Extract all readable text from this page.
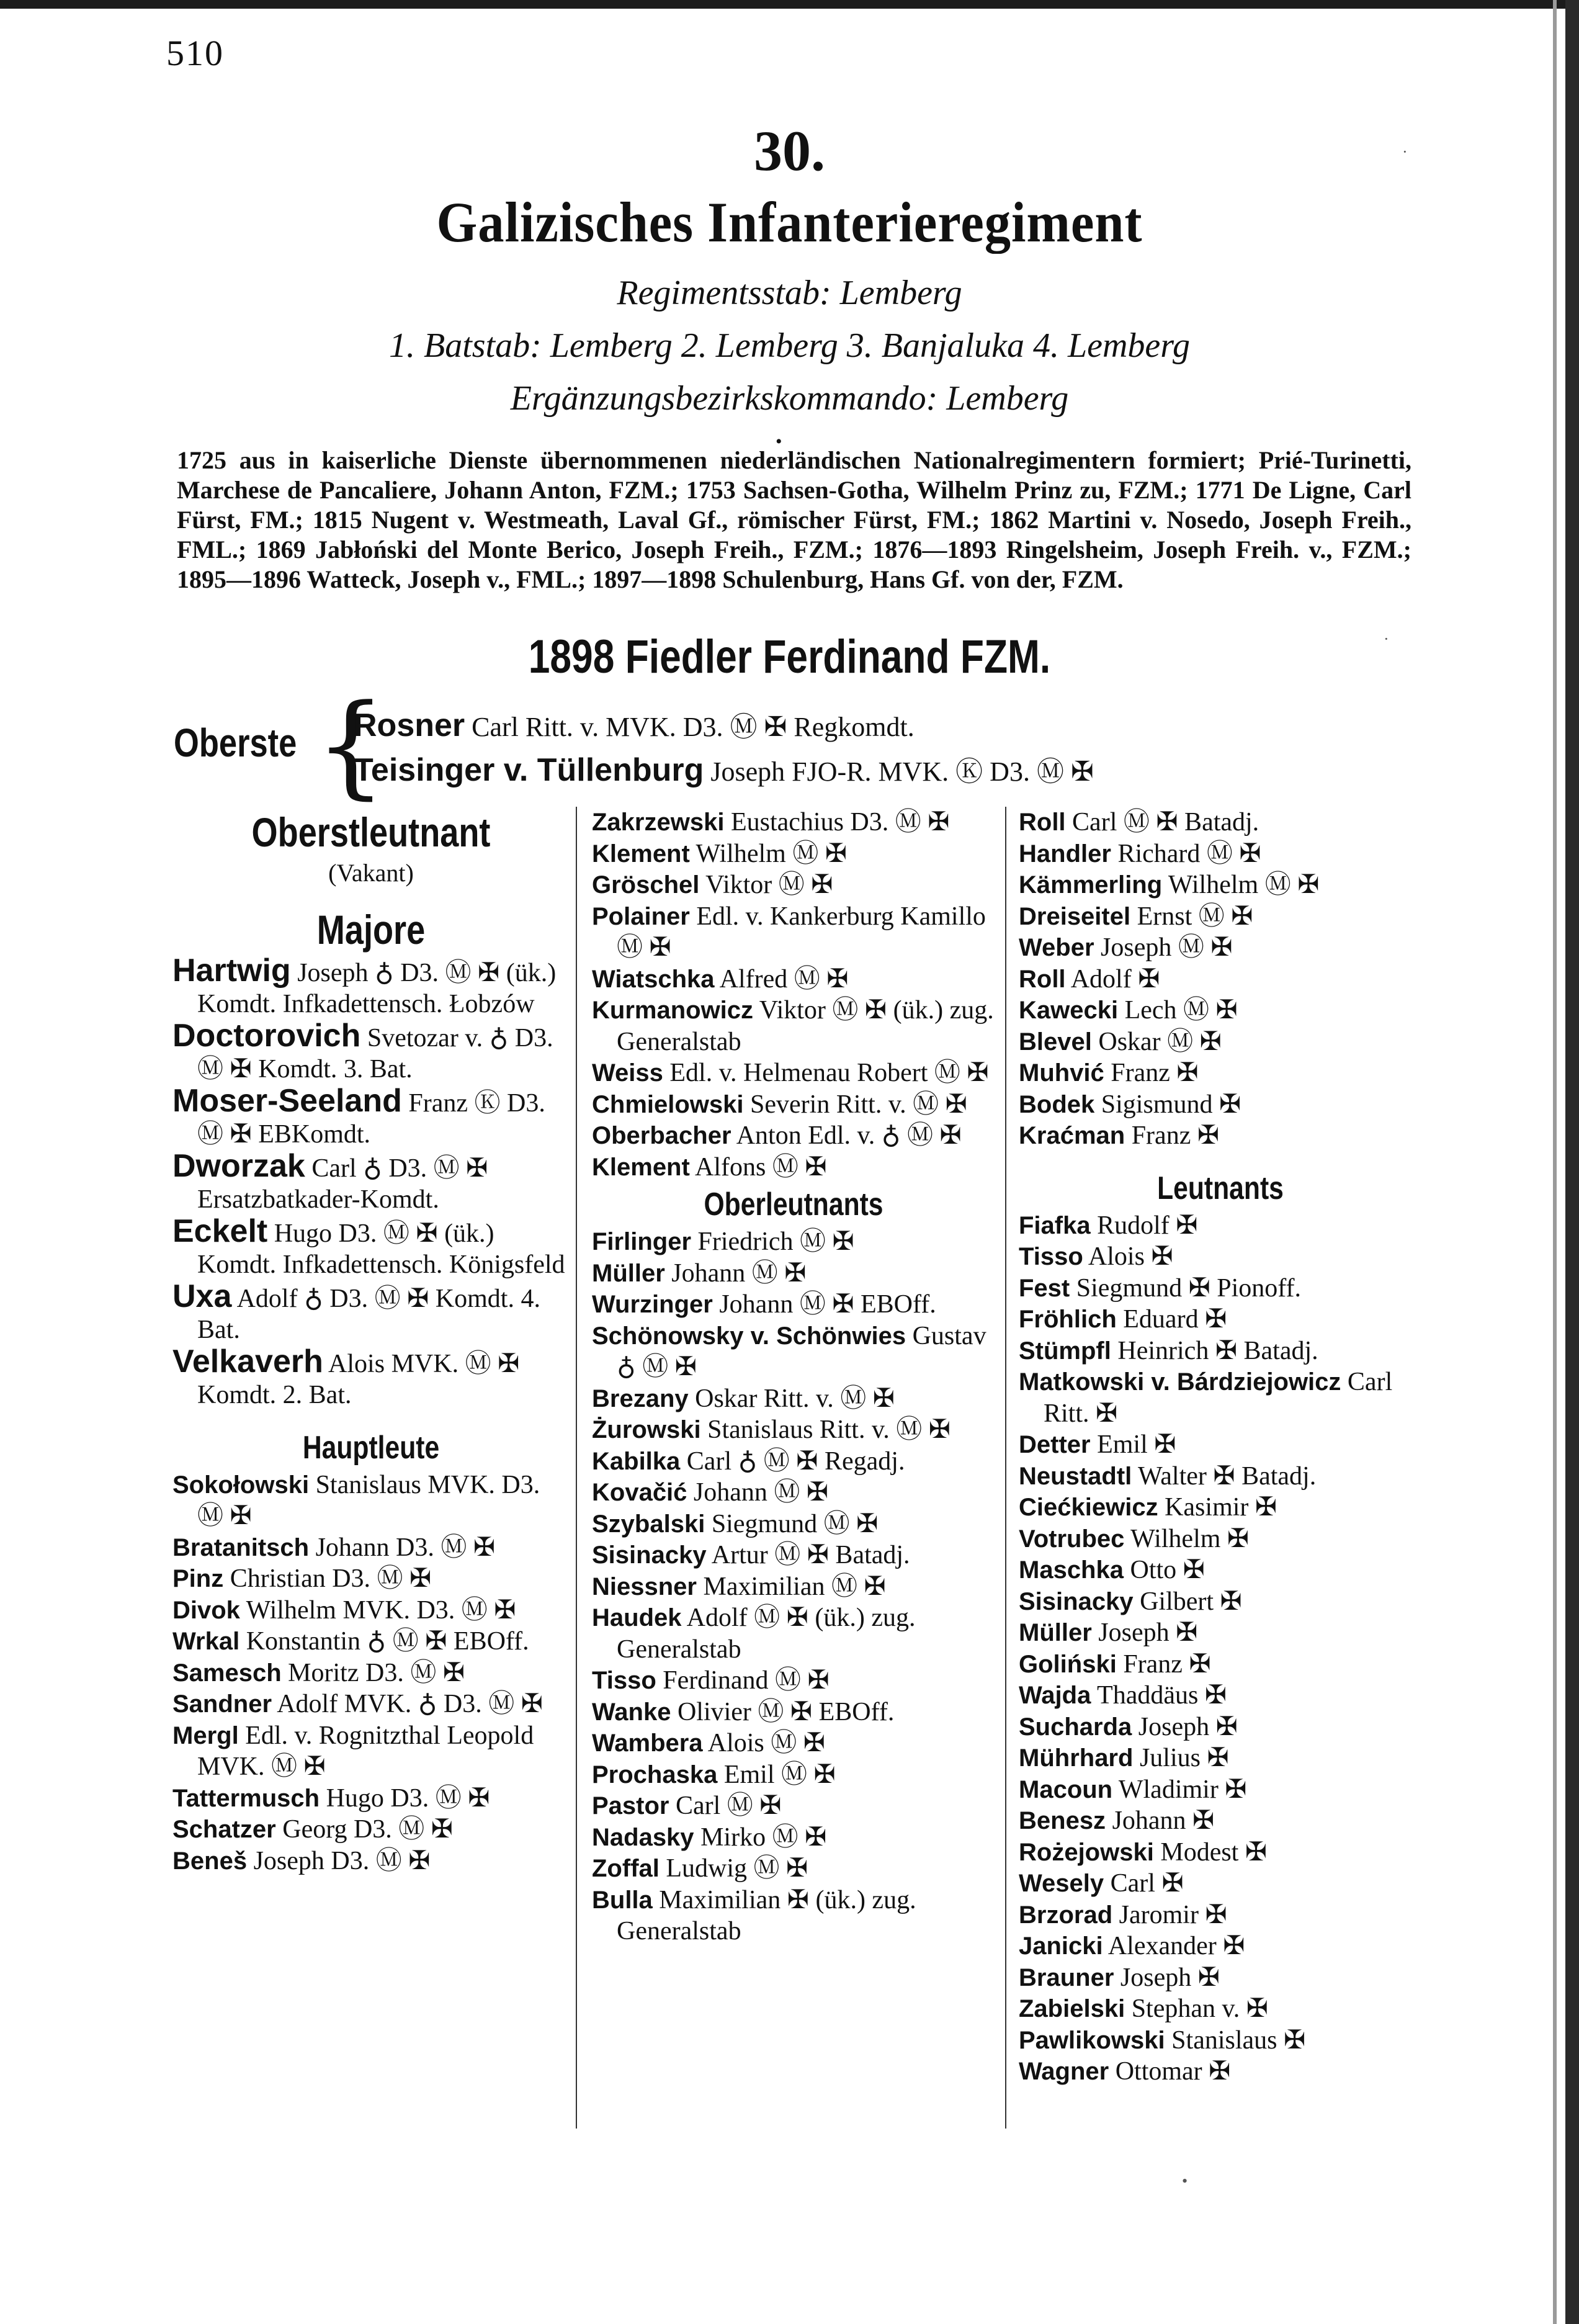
510
30.
Galizisches Infanterieregiment
Regimentsstab: Lemberg
1. Batstab: Lemberg 2. Lemberg 3. Banjaluka 4. Lemberg
Ergänzungsbezirkskommando: Lemberg
•
1725 aus in kaiserliche Dienste übernommenen niederländischen Nationalregimentern formiert; Prié-Turinetti, Marchese de Pancaliere, Johann Anton, FZM.; 1753 Sachsen-Gotha, Wilhelm Prinz zu, FZM.; 1771 De Ligne, Carl Fürst, FM.; 1815 Nugent v. Westmeath, Laval Gf., römischer Fürst, FM.; 1862 Martini v. Nosedo, Joseph Freih., FML.; 1869 Jabłoński del Monte Berico, Joseph Freih., FZM.; 1876—1893 Ringelsheim, Joseph Freih. v., FZM.; 1895—1896 Watteck, Joseph v., FML.; 1897—1898 Schulenburg, Hans Gf. von der, FZM.
1898 Fiedler Ferdinand FZM.
Oberste {
Rosner Carl Ritt. v. MVK. D3. Ⓜ ✠ Regkomdt.
Teisinger v. Tüllenburg Joseph FJO-R. MVK. Ⓚ D3. Ⓜ ✠
Oberstleutnant
(Vakant)
Majore
Hartwig Joseph ♁ D3. Ⓜ ✠ (ük.) Komdt. Infkadettensch. Łobzów
Doctorovich Svetozar v. ♁ D3. Ⓜ ✠ Komdt. 3. Bat.
Moser-Seeland Franz Ⓚ D3. Ⓜ ✠ EBKomdt.
Dworzak Carl ♁ D3. Ⓜ ✠ Ersatzbatkader-Komdt.
Eckelt Hugo D3. Ⓜ ✠ (ük.) Komdt. Infkadettensch. Königsfeld
Uxa Adolf ♁ D3. Ⓜ ✠ Komdt. 4. Bat.
Velkaverh Alois MVK. Ⓜ ✠ Komdt. 2. Bat.
Hauptleute
Sokołowski Stanislaus MVK. D3. Ⓜ ✠
Bratanitsch Johann D3. Ⓜ ✠
Pinz Christian D3. Ⓜ ✠
Divok Wilhelm MVK. D3. Ⓜ ✠
Wrkal Konstantin ♁ Ⓜ ✠ EBOff.
Samesch Moritz D3. Ⓜ ✠
Sandner Adolf MVK. ♁ D3. Ⓜ ✠
Mergl Edl. v. Rognitzthal Leopold MVK. Ⓜ ✠
Tattermusch Hugo D3. Ⓜ ✠
Schatzer Georg D3. Ⓜ ✠
Beneš Joseph D3. Ⓜ ✠
Zakrzewski Eustachius D3. Ⓜ ✠
Klement Wilhelm Ⓜ ✠
Gröschel Viktor Ⓜ ✠
Polainer Edl. v. Kankerburg Kamillo Ⓜ ✠
Wiatschka Alfred Ⓜ ✠
Kurmanowicz Viktor Ⓜ ✠ (ük.) zug. Generalstab
Weiss Edl. v. Helmenau Robert Ⓜ ✠
Chmielowski Severin Ritt. v. Ⓜ ✠
Oberbacher Anton Edl. v. ♁ Ⓜ ✠
Klement Alfons Ⓜ ✠
Oberleutnants
Firlinger Friedrich Ⓜ ✠
Müller Johann Ⓜ ✠
Wurzinger Johann Ⓜ ✠ EBOff.
Schönowsky v. Schönwies Gustav ♁ Ⓜ ✠
Brezany Oskar Ritt. v. Ⓜ ✠
Żurowski Stanislaus Ritt. v. Ⓜ ✠
Kabilka Carl ♁ Ⓜ ✠ Regadj.
Kovačić Johann Ⓜ ✠
Szybalski Siegmund Ⓜ ✠
Sisinacky Artur Ⓜ ✠ Batadj.
Niessner Maximilian Ⓜ ✠
Haudek Adolf Ⓜ ✠ (ük.) zug. Generalstab
Tisso Ferdinand Ⓜ ✠
Wanke Olivier Ⓜ ✠ EBOff.
Wambera Alois Ⓜ ✠
Prochaska Emil Ⓜ ✠
Pastor Carl Ⓜ ✠
Nadasky Mirko Ⓜ ✠
Zoffal Ludwig Ⓜ ✠
Bulla Maximilian ✠ (ük.) zug. Generalstab
Roll Carl Ⓜ ✠ Batadj.
Handler Richard Ⓜ ✠
Kämmerling Wilhelm Ⓜ ✠
Dreiseitel Ernst Ⓜ ✠
Weber Joseph Ⓜ ✠
Roll Adolf ✠
Kawecki Lech Ⓜ ✠
Blevel Oskar Ⓜ ✠
Muhvić Franz ✠
Bodek Sigismund ✠
Kraćman Franz ✠
Leutnants
Fiafka Rudolf ✠
Tisso Alois ✠
Fest Siegmund ✠ Pionoff.
Fröhlich Eduard ✠
Stümpfl Heinrich ✠ Batadj.
Matkowski v. Bárdziejowicz Carl Ritt. ✠
Detter Emil ✠
Neustadtl Walter ✠ Batadj.
Ciećkiewicz Kasimir ✠
Votrubec Wilhelm ✠
Maschka Otto ✠
Sisinacky Gilbert ✠
Müller Joseph ✠
Goliński Franz ✠
Wajda Thaddäus ✠
Sucharda Joseph ✠
Mührhard Julius ✠
Macoun Wladimir ✠
Benesz Johann ✠
Rożejowski Modest ✠
Wesely Carl ✠
Brzorad Jaromir ✠
Janicki Alexander ✠
Brauner Joseph ✠
Zabielski Stephan v. ✠
Pawlikowski Stanislaus ✠
Wagner Ottomar ✠
·
·
•
